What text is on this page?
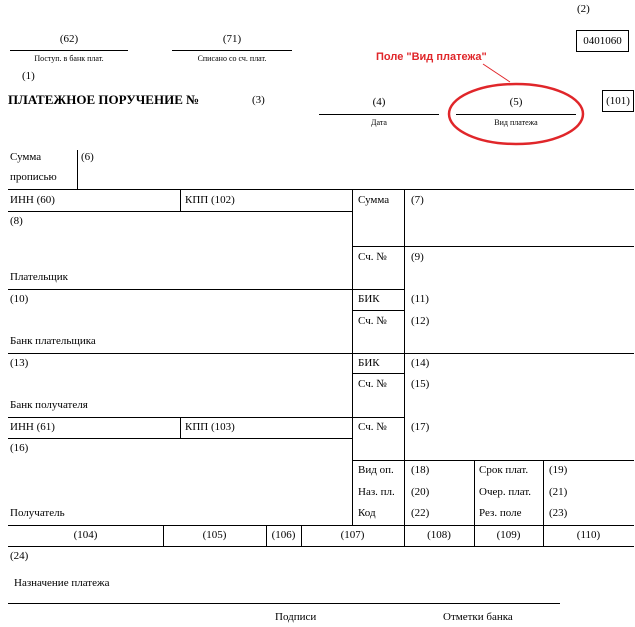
(2)
0401060
(62)
Поступ. в банк плат.
(71)
Списано со сч. плат.	Поле "Вид платежа"
(1)
ПЛАТЕЖНОЕ ПОРУЧЕНИЕ №	(3)	(4)
Дата
(5)
Вид платежа
(101)
Сумма
прописью
(6)
ИНН (60)	КПП (102)
(8)
Плательщик
Сумма (7)
Сч. № (9)
(10)
Банк плательщика
БИК	(11)
Сч. № (12)
(13)
Банк получателя
БИК	(14)
Сч. № (15)
ИНН (61)	КПП (103)	Сч. № (17)
(16)
Получатель
Вид оп. (18)	Срок плат. (19)
Наз. пл. (20)	Очер. плат. (21)
Код	(22)	Рез. поле	(23)
(104)	(105)	(106)	(107)	(108)	(109)	(110)
(24)
Назначение платежа
Подписи	Отметки банка
